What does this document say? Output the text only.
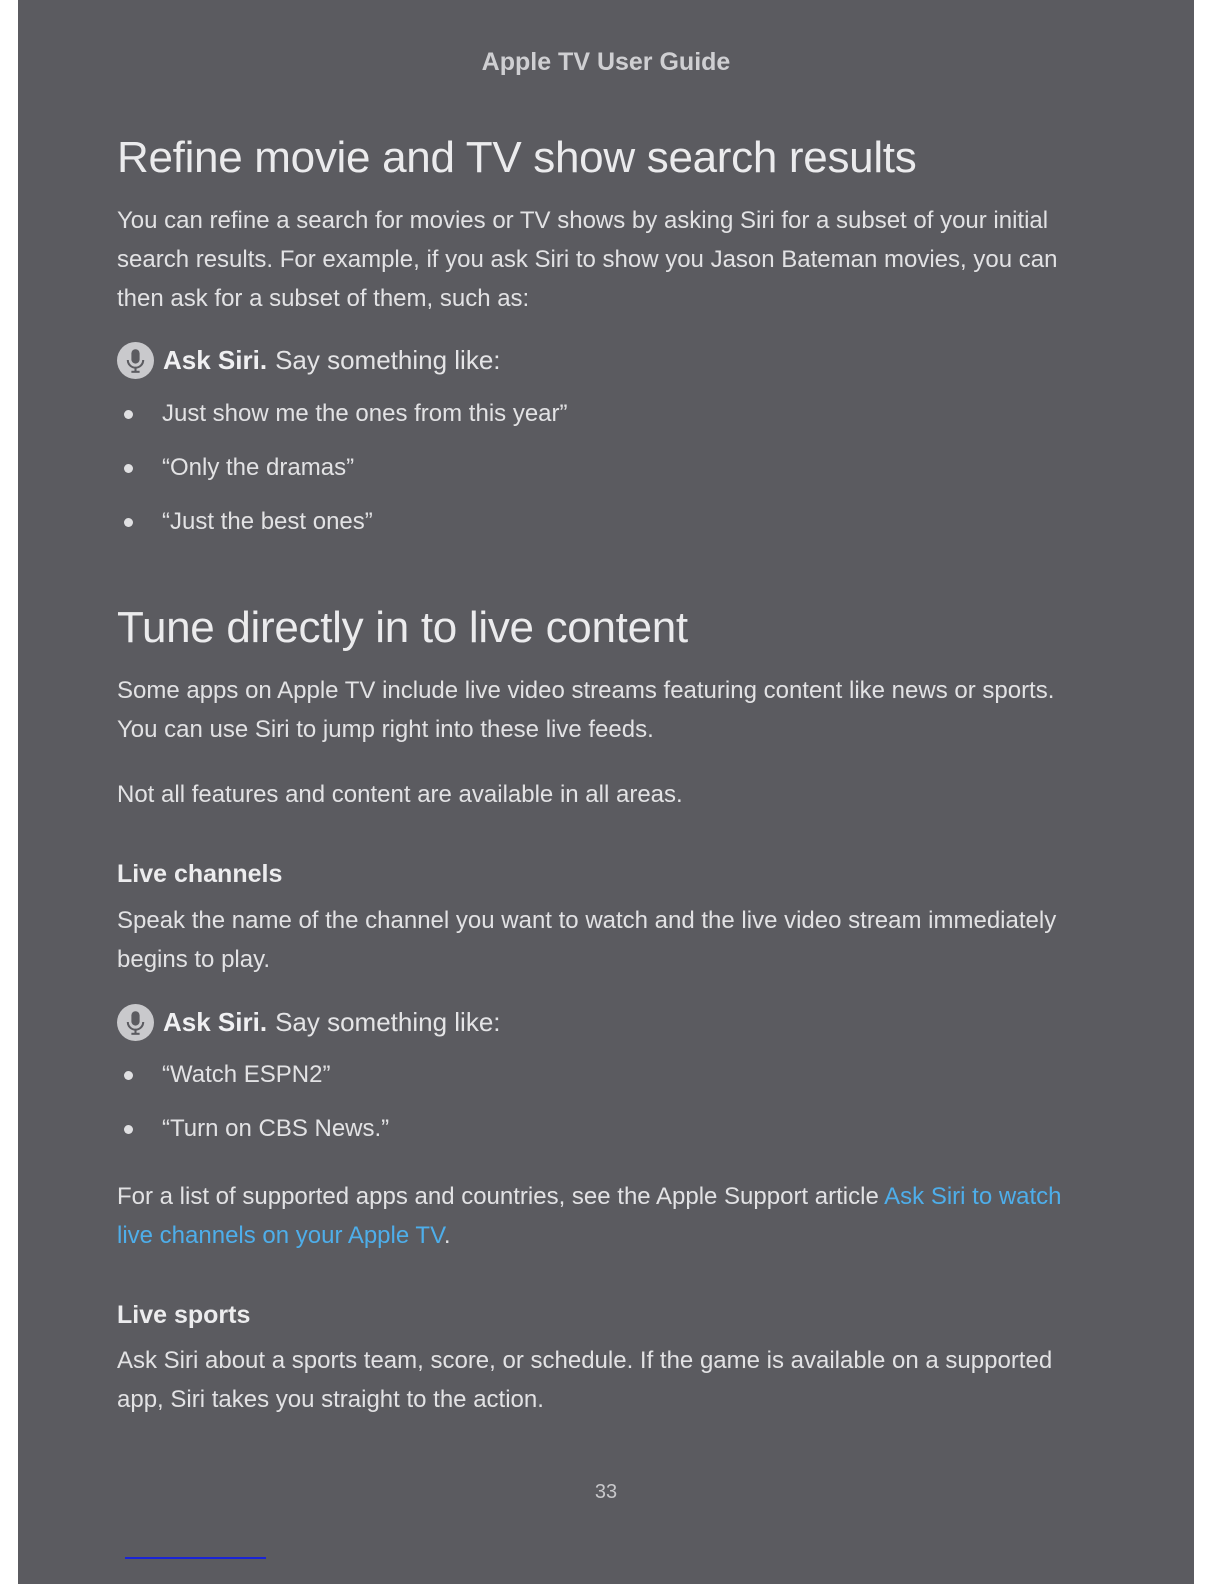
Apple TV User Guide
Refine movie and TV show search results

You can refine a search for movies or TV shows by asking Siri for a subset of your initial search results. For example, if you ask Siri to show you Jason Bateman movies, you can then ask for a subset of them, such as:

Ask Siri. Say something like:
Just show me the ones from this year”
“Only the dramas”
“Just the best ones”
Tune directly in to live content

Some apps on Apple TV include live video streams featuring content like news or sports. You can use Siri to jump right into these live feeds.

Not all features and content are available in all areas.

Live channels

Speak the name of the channel you want to watch and the live video stream immediately begins to play.

Ask Siri. Say something like:
“Watch ESPN2”
“Turn on CBS News.”

For a list of supported apps and countries, see the Apple Support article Ask Siri to watch live channels on your Apple TV.

Live sports

Ask Siri about a sports team, score, or schedule. If the game is available on a supported app, Siri takes you straight to the action.

33
